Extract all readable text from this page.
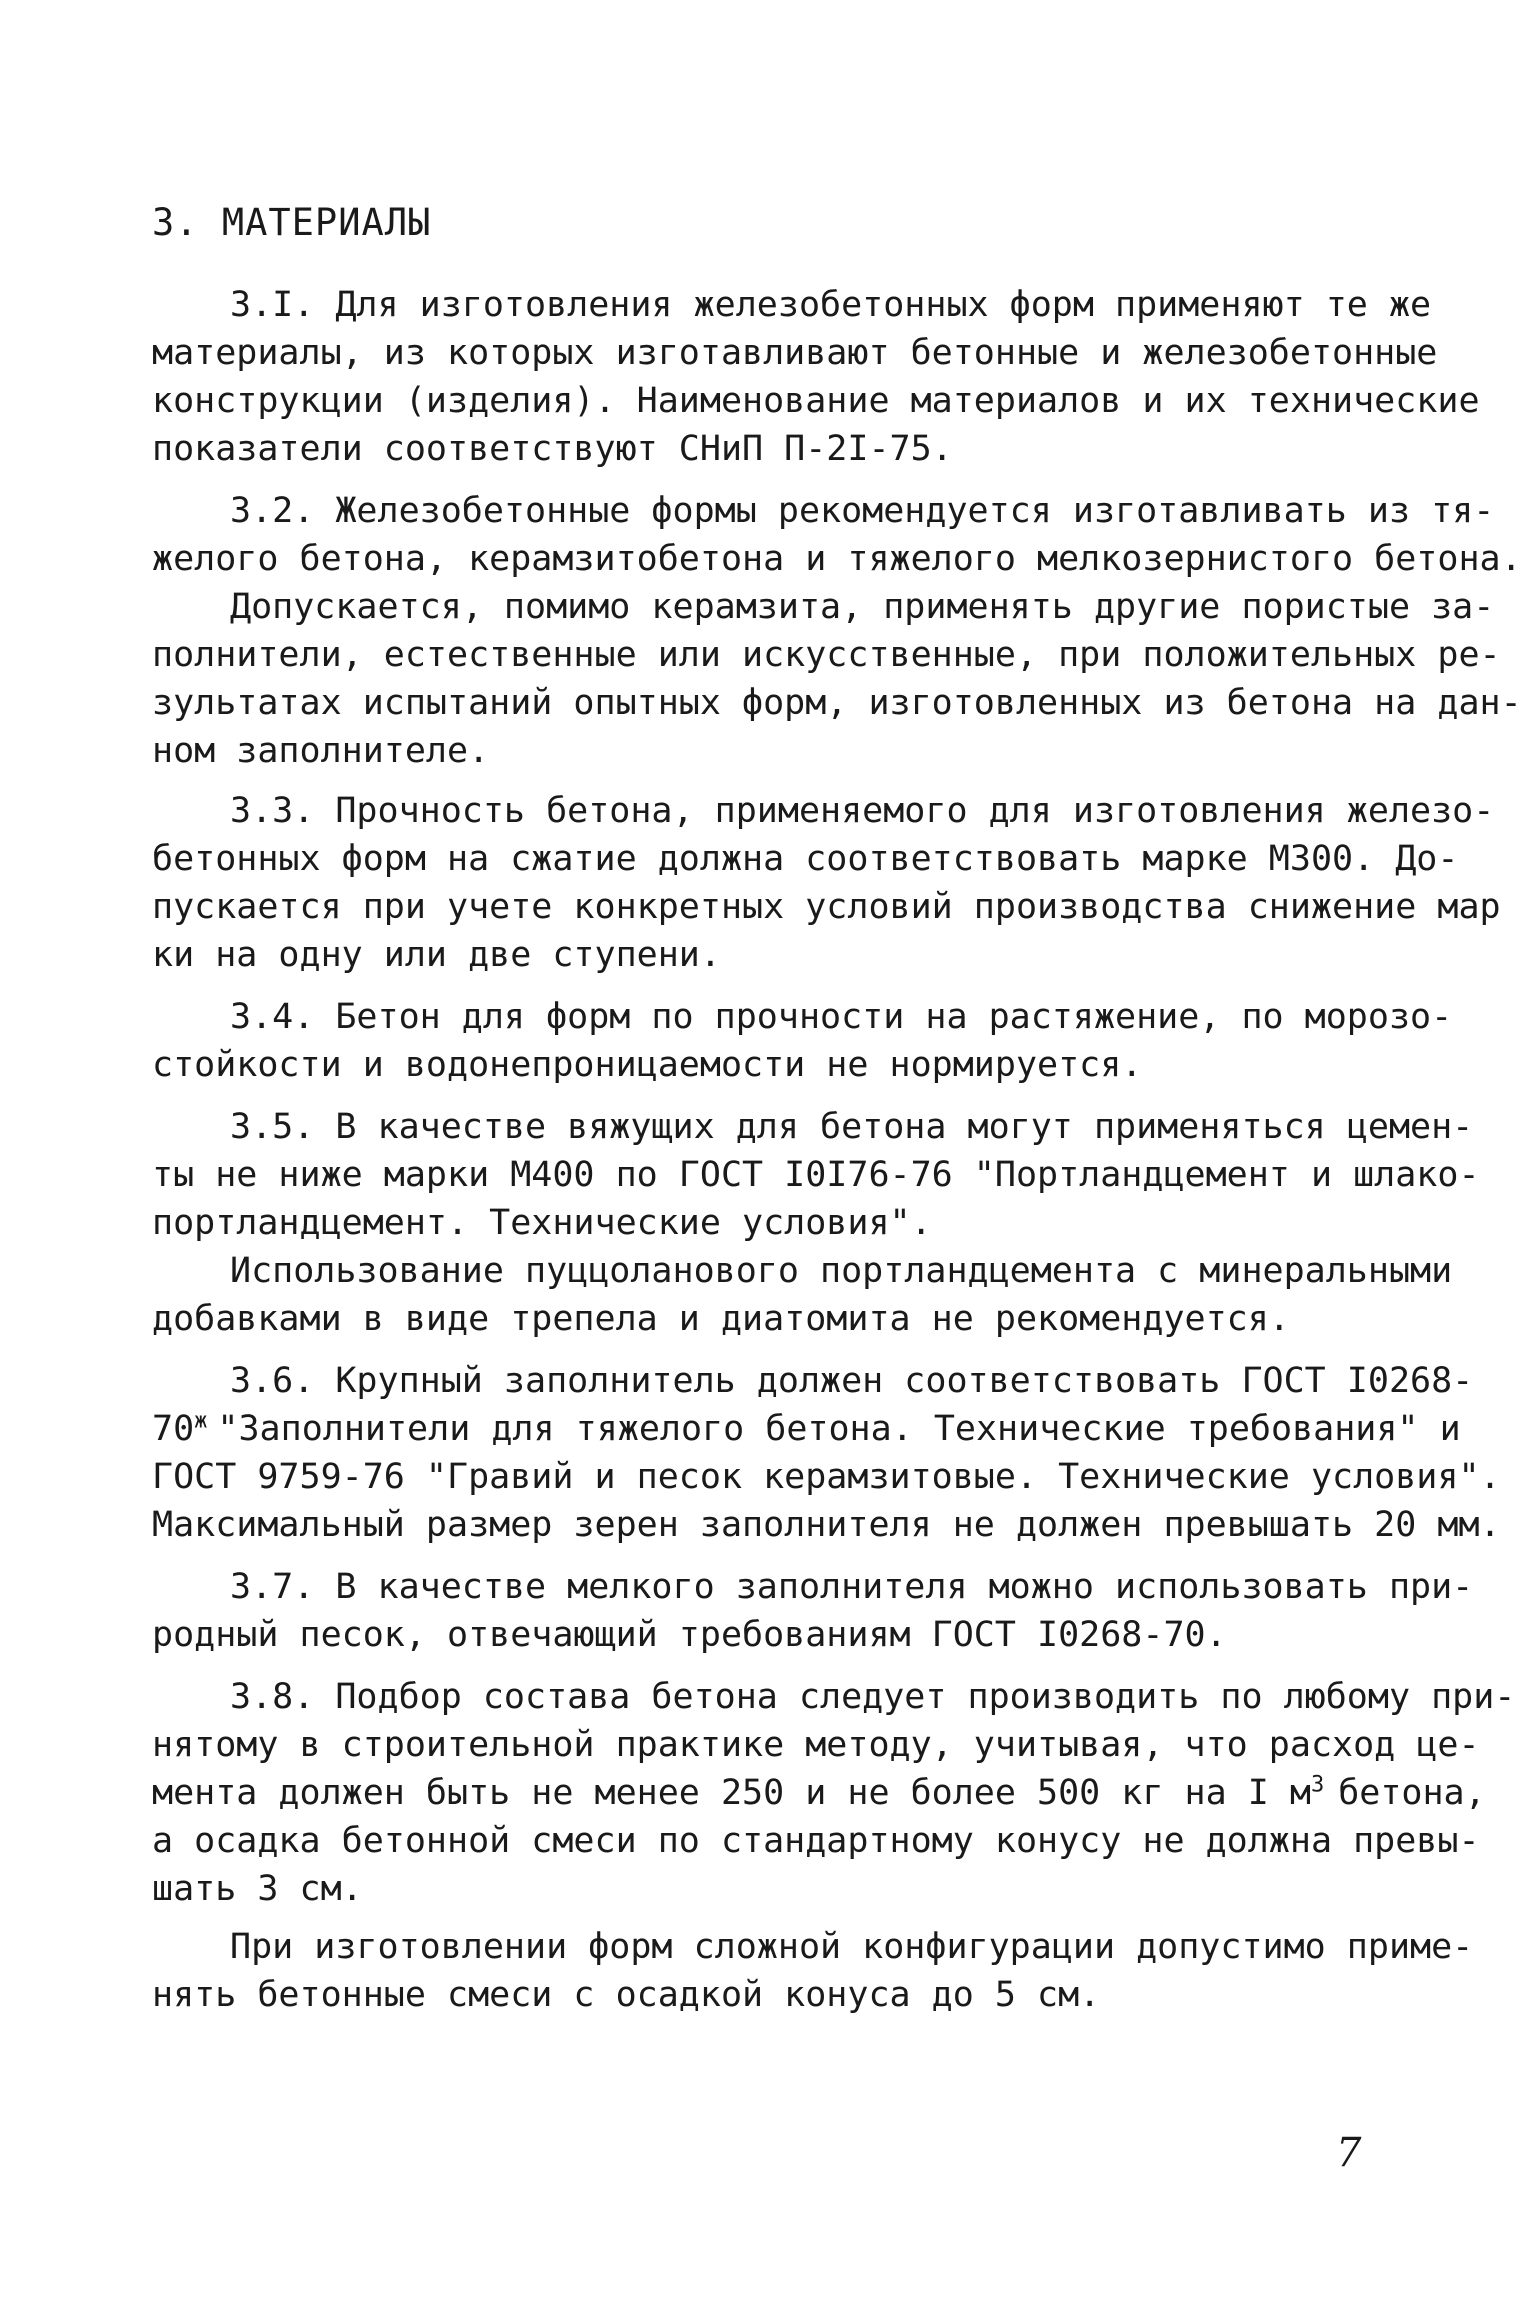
3. МАТЕРИАЛЫ
3.I. Для изготовления железобетонных форм применяют те же
материалы, из которых изготавливают бетонные и железобетонные
конструкции (изделия). Наименование материалов и их технические
показатели соответствуют СНиП П-2I-75.
3.2. Железобетонные формы рекомендуется изготавливать из тя-
желого бетона, керамзитобетона и тяжелого мелкозернистого бетона.
Допускается, помимо керамзита, применять другие пористые за-
полнители, естественные или искусственные, при положительных ре-
зультатах испытаний опытных форм, изготовленных из бетона на дан-
ном заполнителе.
3.3. Прочность бетона, применяемого для изготовления железо-
бетонных форм на сжатие должна соответствовать марке М300. До-
пускается при учете конкретных условий производства снижение мар
ки на одну или две ступени.
3.4. Бетон для форм по прочности на растяжение, по морозо-
стойкости и водонепроницаемости не нормируется.
3.5. В качестве вяжущих для бетона могут применяться цемен-
ты не ниже марки М400 по ГОСТ I0I76-76 "Портландцемент и шлако-
портландцемент. Технические условия".
Использование пуццоланового портландцемента с минеральными
добавками в виде трепела и диатомита не рекомендуется.
3.6. Крупный заполнитель должен соответствовать ГОСТ I0268-
$70^ж$ "Заполнители для тяжелого бетона. Технические требования" и
ГОСТ 9759-76 "Гравий и песок керамзитовые. Технические условия".
Максимальный размер зерен заполнителя не должен превышать 20 мм.
3.7. В качестве мелкого заполнителя можно использовать при-
родный песок, отвечающий требованиям ГОСТ I0268-70.
3.8. Подбор состава бетона следует производить по любому при-
нятому в строительной практике методу, учитывая, что расход це-
мента должен быть не менее 250 и не более 500 кг на I $м^3$ бетона,
а осадка бетонной смеси по стандартному конусу не должна превы-
шать 3 см.
При изготовлении форм сложной конфигурации допустимо приме-
нять бетонные смеси с осадкой конуса до 5 см.
7
